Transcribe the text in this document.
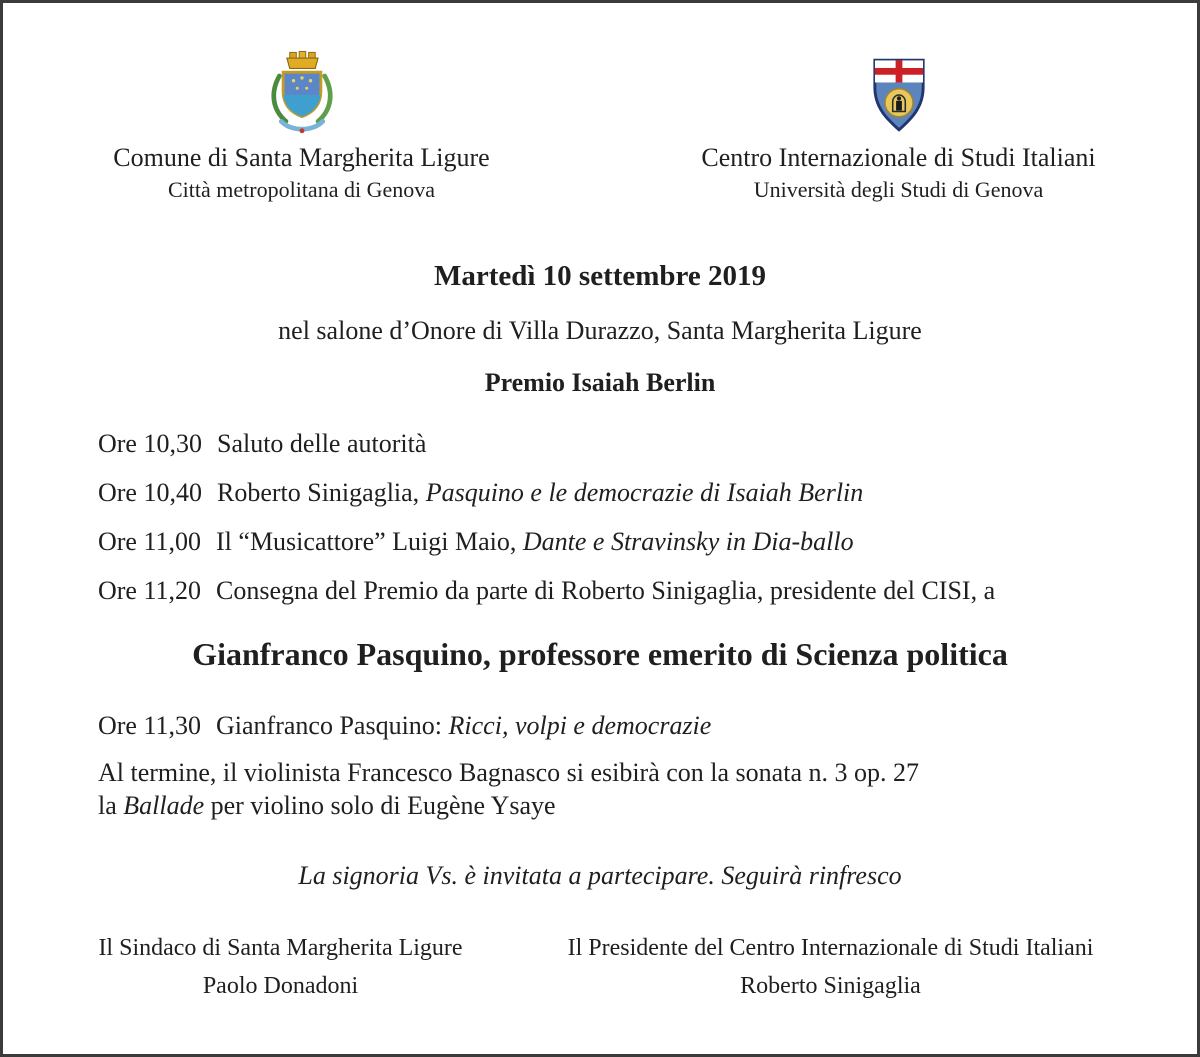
Comune di Santa Margherita Ligure
Città metropolitana di Genova
Centro Internazionale di Studi Italiani
Università degli Studi di Genova
Martedì 10 settembre 2019
nel salone d’Onore di Villa Durazzo, Santa Margherita Ligure
Premio Isaiah Berlin
Ore 10,30 Saluto delle autorità
Ore 10,40 Roberto Sinigaglia, Pasquino e le democrazie di Isaiah Berlin
Ore 11,00 Il “Musicattore” Luigi Maio, Dante e Stravinsky in Dia-ballo
Ore 11,20 Consegna del Premio da parte di Roberto Sinigaglia, presidente del CISI, a
Gianfranco Pasquino, professore emerito di Scienza politica
Ore 11,30 Gianfranco Pasquino: Ricci, volpi e democrazie
Al termine, il violinista Francesco Bagnasco si esibirà con la sonata n. 3 op. 27
la Ballade per violino solo di Eugène Ysaye
La signoria Vs. è invitata a partecipare. Seguirà rinfresco
Il Sindaco di Santa Margherita Ligure
Paolo Donadoni
Il Presidente del Centro Internazionale di Studi Italiani
Roberto Sinigaglia
